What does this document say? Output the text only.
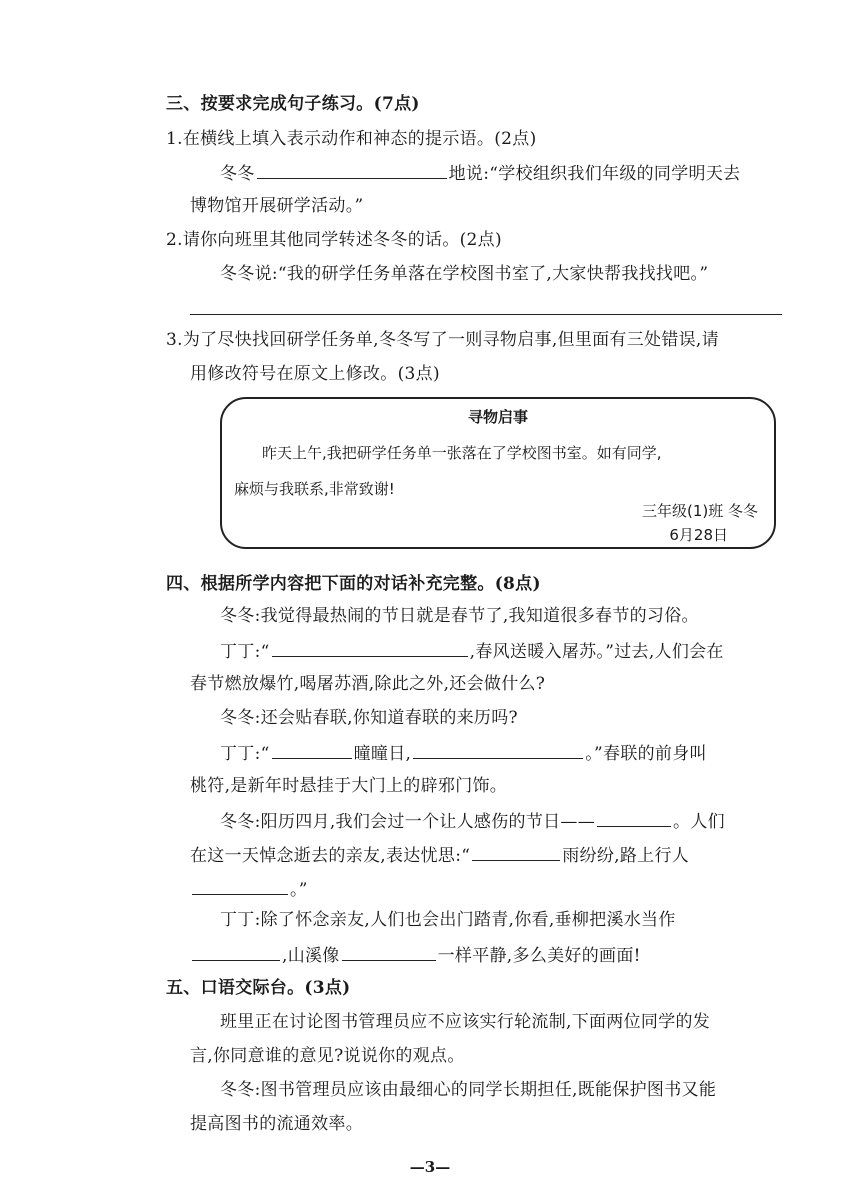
三、按要求完成句子练习。(7点)
1.在横线上填入表示动作和神态的提示语。(2点)
冬冬	地说:“学校组织我们年级的同学明天去
博物馆开展研学活动。”
2.请你向班里其他同学转述冬冬的话。(2点)
冬冬说:“我的研学任务单落在学校图书室了,大家快帮我找找吧。”
3.为了尽快找回研学任务单,冬冬写了一则寻物启事,但里面有三处错误,请
用修改符号在原文上修改。(3点)
寻物启事
昨天上午,我把研学任务单一张落在了学校图书室。如有同学,
麻烦与我联系,非常致谢!
三年级(1)班 冬冬
6月28日
四、根据所学内容把下面的对话补充完整。(8点)
冬冬:我觉得最热闹的节日就是春节了,我知道很多春节的习俗。
丁丁:“	,春风送暖入屠苏。”过去,人们会在
春节燃放爆竹,喝屠苏酒,除此之外,还会做什么?
冬冬:还会贴春联,你知道春联的来历吗?
丁丁:“	曈曈日,	。”春联的前身叫
桃符,是新年时悬挂于大门上的辟邪门饰。
冬冬:阳历四月,我们会过一个让人感伤的节日——	。人们
在这一天悼念逝去的亲友,表达忧思:“	雨纷纷,路上行人
。”
丁丁:除了怀念亲友,人们也会出门踏青,你看,垂柳把溪水当作
,山溪像	一样平静,多么美好的画面!
五、口语交际台。(3点)
班里正在讨论图书管理员应不应该实行轮流制,下面两位同学的发
言,你同意谁的意见?说说你的观点。
冬冬:图书管理员应该由最细心的同学长期担任,既能保护图书又能
提高图书的流通效率。
—3—
